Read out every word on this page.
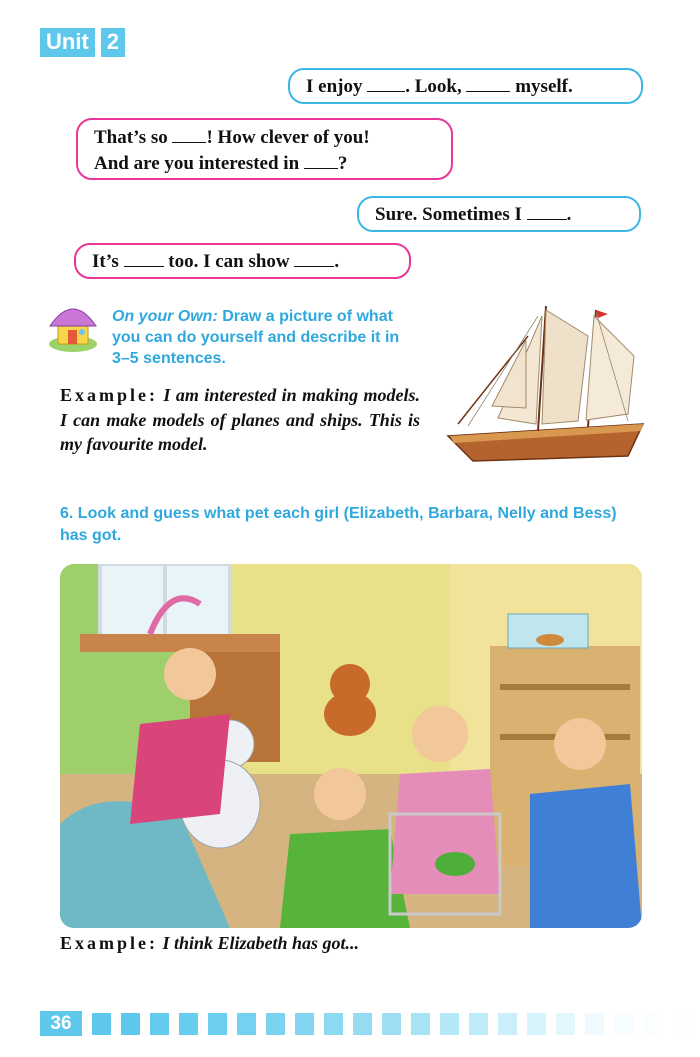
Unit 2
I enjoy . Look,  myself.
That’s so ! How clever of you!
And are you interested in ?
Sure. Sometimes I .
It’s  too. I can show .
On your Own: Draw a picture of what you can do yourself and describe it in 3–5 sentences.
Example: I am interested in making models. I can make models of planes and ships. This is my favourite model.
6. Look and guess what pet each girl (Elizabeth, Barbara, Nelly and Bess) has got.
Example: I think Elizabeth has got...
36
